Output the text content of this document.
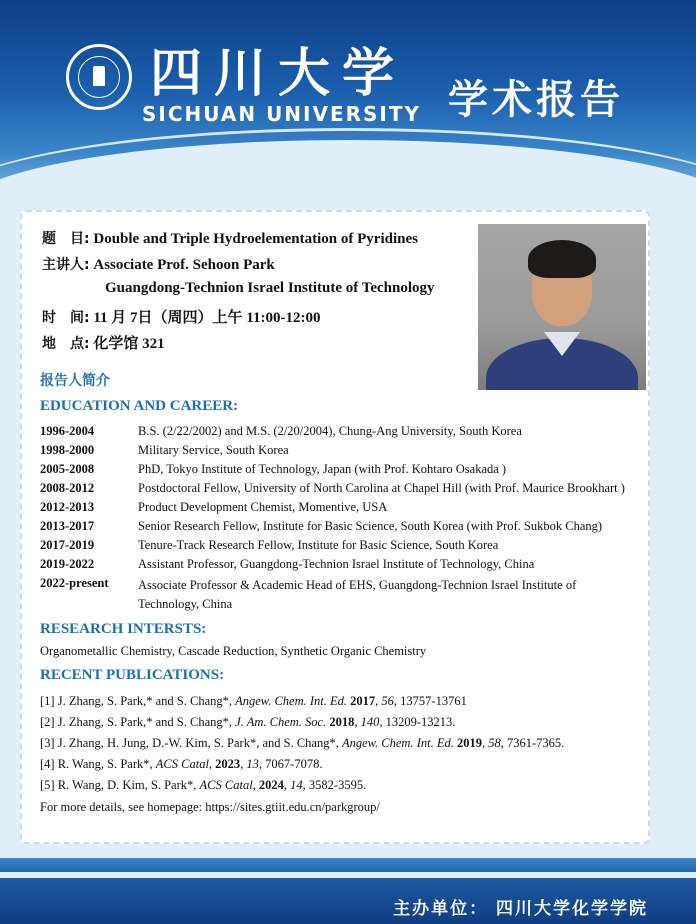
四川大学
SICHUAN UNIVERSITY 学术报告
题　目: Double and Triple Hydroelementation of Pyridines
主讲人: Associate Prof. Sehoon Park
Guangdong-Technion Israel Institute of Technology
时　间: 11 月 7日（周四）上午 11:00-12:00
地　点: 化学馆 321
报告人简介
EDUCATION AND CAREER:
1996-2004	B.S. (2/22/2002) and M.S. (2/20/2004), Chung-Ang University, South Korea
1998-2000	Military Service, South Korea
2005-2008	PhD, Tokyo Institute of Technology, Japan (with Prof. Kohtaro Osakada )
2008-2012	Postdoctoral Fellow, University of North Carolina at Chapel Hill (with Prof. Maurice Brookhart )
2012-2013	Product Development Chemist, Momentive, USA
2013-2017	Senior Research Fellow, Institute for Basic Science, South Korea (with Prof. Sukbok Chang)
2017-2019	Tenure-Track Research Fellow, Institute for Basic Science, South Korea
2019-2022	Assistant Professor, Guangdong-Technion Israel Institute of Technology, China
2022-present Associate Professor & Academic Head of EHS, Guangdong-Technion Israel Institute of Technology, China
RESEARCH INTERSTS:
Organometallic Chemistry, Cascade Reduction, Synthetic Organic Chemistry
RECENT PUBLICATIONS:
[1] J. Zhang, S. Park,* and S. Chang*, Angew. Chem. Int. Ed. 2017, 56, 13757-13761
[2] J. Zhang, S. Park,* and S. Chang*, J. Am. Chem. Soc. 2018, 140, 13209-13213.
[3] J. Zhang, H. Jung, D.-W. Kim, S. Park*, and S. Chang*, Angew. Chem. Int. Ed. 2019, 58, 7361-7365.
[4] R. Wang, S. Park*, ACS Catal, 2023, 13, 7067-7078.
[5] R. Wang, D. Kim, S. Park*, ACS Catal, 2024, 14, 3582-3595.
For more details, see homepage: https://sites.gtiit.edu.cn/parkgroup/
主办单位： 四川大学化学学院
